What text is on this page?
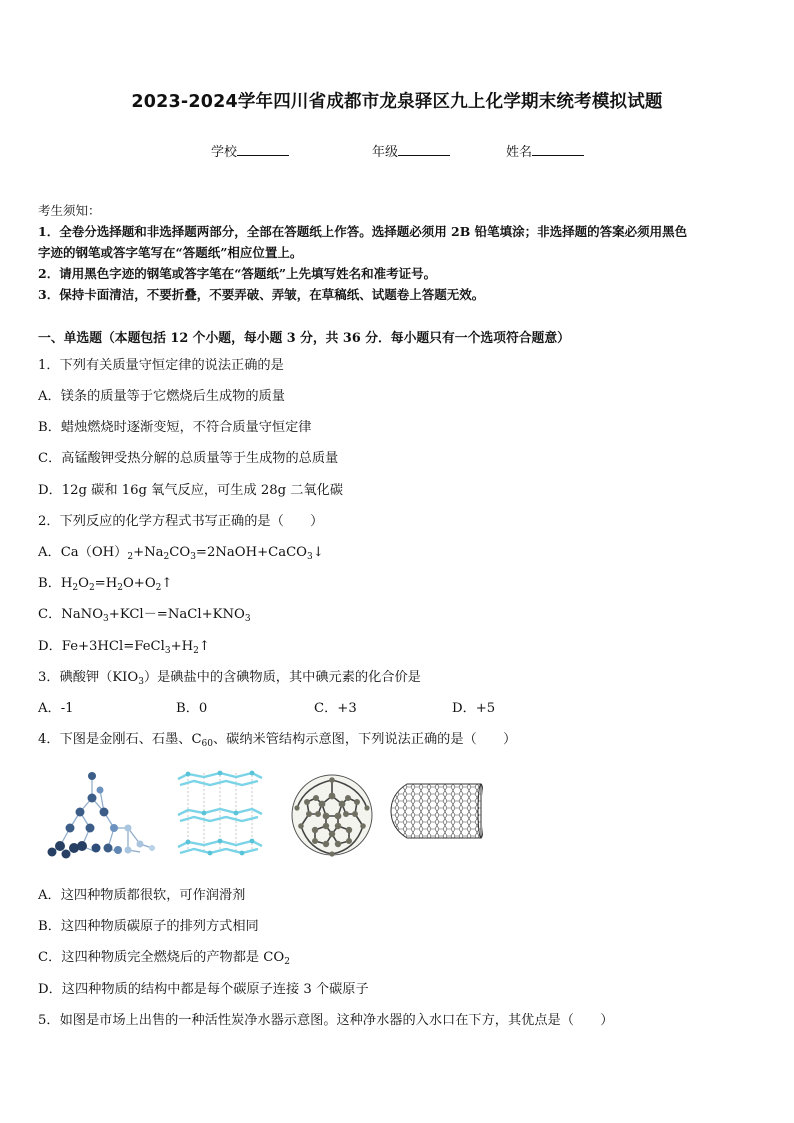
2023-2024学年四川省成都市龙泉驿区九上化学期末统考模拟试题
学校	年级	姓名
考生须知：
1．全卷分选择题和非选择题两部分，全部在答题纸上作答。选择题必须用 2B 铅笔填涂；非选择题的答案必须用黑色
字迹的钢笔或答字笔写在“答题纸”相应位置上。
2．请用黑色字迹的钢笔或答字笔在“答题纸”上先填写姓名和准考证号。
3．保持卡面清洁，不要折叠，不要弄破、弄皱，在草稿纸、试题卷上答题无效。
一、单选题（本题包括 12 个小题，每小题 3 分，共 36 分．每小题只有一个选项符合题意）
1．下列有关质量守恒定律的说法正确的是
A．镁条的质量等于它燃烧后生成物的质量
B．蜡烛燃烧时逐渐变短，不符合质量守恒定律
C．高锰酸钾受热分解的总质量等于生成物的总质量
D．12g 碳和 16g 氧气反应，可生成 28g 二氧化碳
2．下列反应的化学方程式书写正确的是（　　）
A．$Ca(OH)_2+Na_2CO_3=2NaOH+CaCO_3↓$
B．$H_2O_2=H_2O+O_2↑$
C．$NaNO_3+KCl-=NaCl+KNO_3$
D．$Fe+3HCl=FeCl_3+H_2↑$
3．碘酸钾$(KIO_3)$是碘盐中的含碘物质，其中碘元素的化合价是
A．-1	B．0	C．+3	D．+5
4．下图是金刚石、石墨、$C_{60}$、碳纳米管结构示意图，下列说法正确的是（　　）
A．这四种物质都很软，可作润滑剂
B．这四种物质碳原子的排列方式相同
C．这四种物质完全燃烧后的产物都是 $CO_2$
D．这四种物质的结构中都是每个碳原子连接 3 个碳原子
5．如图是市场上出售的一种活性炭净水器示意图。这种净水器的入水口在下方，其优点是（　　）
